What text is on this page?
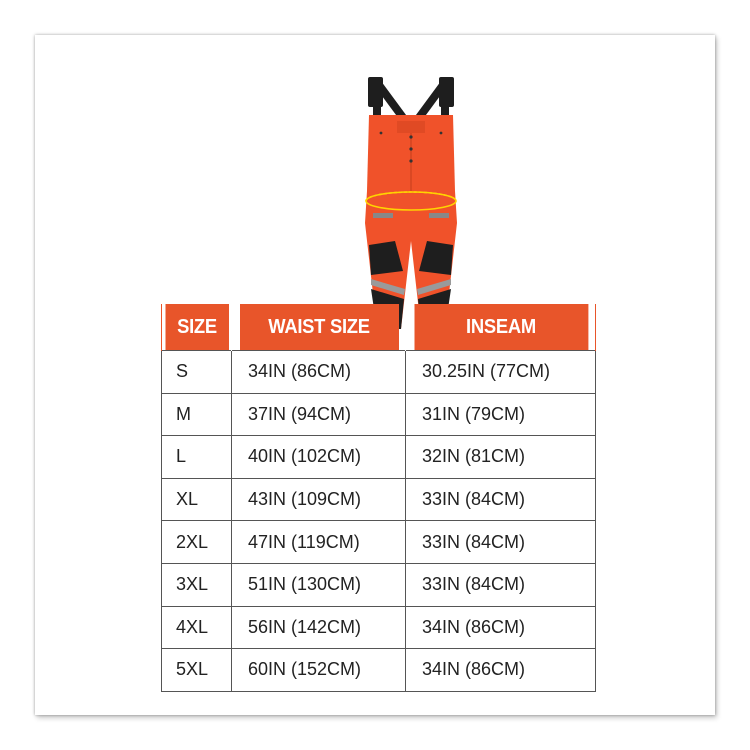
SIZE	WAIST SIZE	INSEAM
S	34IN (86CM)	30.25IN (77CM)
M	37IN (94CM)	31IN (79CM)
L	40IN (102CM)	32IN (81CM)
XL	43IN (109CM)	33IN (84CM)
2XL	47IN (119CM)	33IN (84CM)
3XL	51IN (130CM)	33IN (84CM)
4XL	56IN (142CM)	34IN (86CM)
5XL	60IN (152CM)	34IN (86CM)
